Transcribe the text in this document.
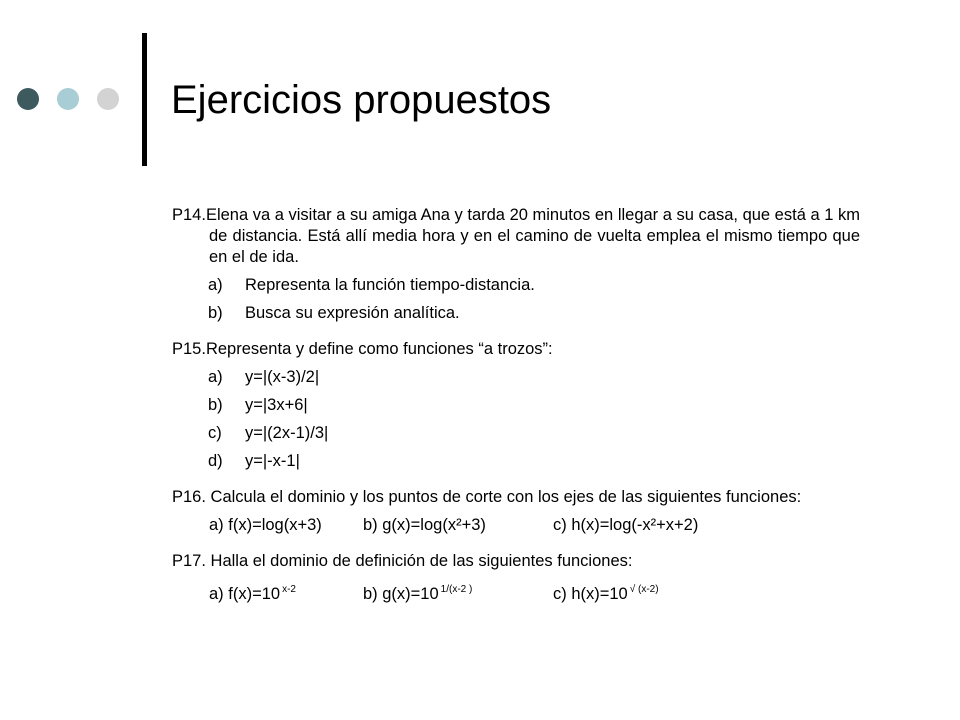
Ejercicios propuestos
P14.Elena va a visitar a su amiga Ana y tarda 20 minutos en llegar a su casa, que está a 1 km de distancia. Está allí media hora y en el camino de vuelta emplea el mismo tiempo que en el de ida.
a)	Representa la función tiempo-distancia.
b)	Busca su expresión analítica.
P15.Representa y define como funciones “a trozos”:
a)	y=|(x-3)/2|
b)	y=|3x+6|
c)	y=|(2x-1)/3|
d)	y=|-x-1|
P16. Calcula el dominio y los puntos de corte con los ejes de las siguientes funciones:
a) f(x)=log(x+3)	b) g(x)=log(x²+3)	c) h(x)=log(-x²+x+2)
P17. Halla el dominio de definición de las siguientes funciones:
a) f(x)=10 $^{x-2}$	b) g(x)=10 $^{1/(x-2 )}$	c) h(x)=10 $^{√ (x-2)}$
